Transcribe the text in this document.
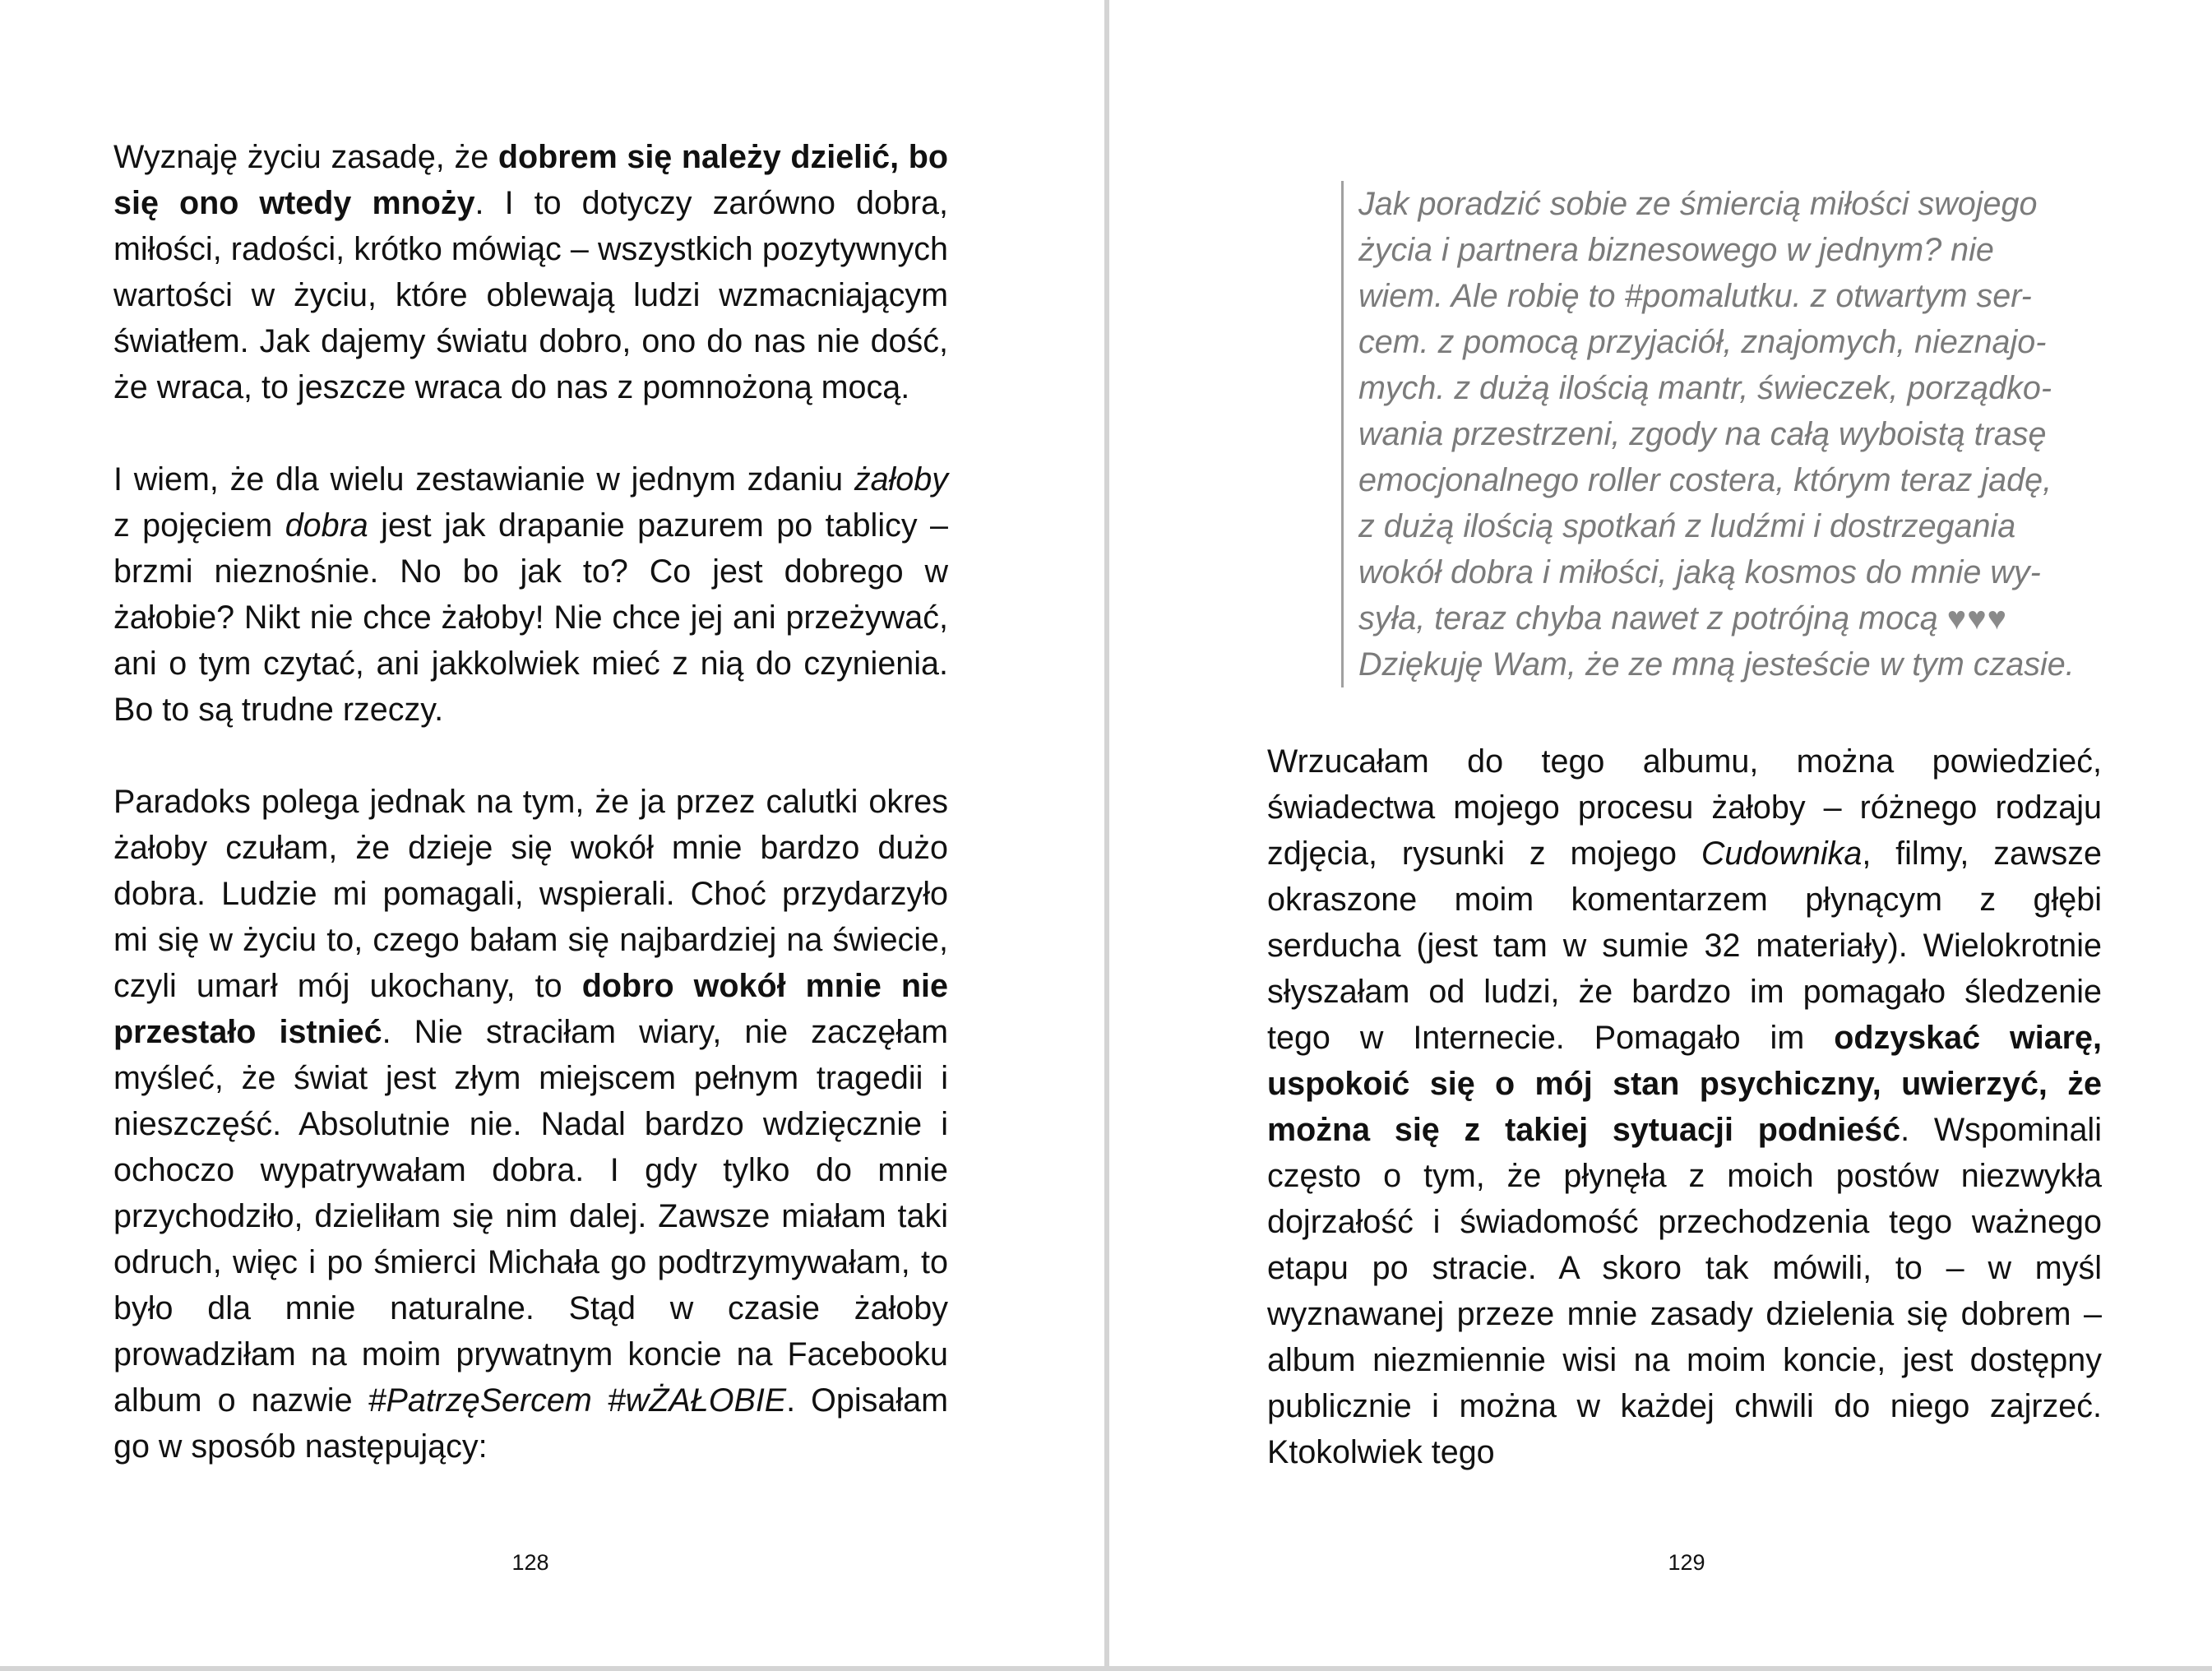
Wyznaję życiu zasadę, że dobrem się należy dzielić, bo się ono wtedy mnoży. I to dotyczy zarówno dobra, miłości, radości, krótko mówiąc – wszystkich pozytywnych wartości w życiu, które oblewają ludzi wzmacniającym światłem. Jak dajemy światu dobro, ono do nas nie dość, że wraca, to jeszcze wraca do nas z pomnożoną mocą.

I wiem, że dla wielu zestawianie w jednym zdaniu żałoby z pojęciem dobra jest jak drapanie pazurem po tablicy – brzmi nieznośnie. No bo jak to? Co jest dobrego w żałobie? Nikt nie chce żałoby! Nie chce jej ani przeżywać, ani o tym czytać, ani jakkolwiek mieć z nią do czynienia. Bo to są trudne rzeczy.

Paradoks polega jednak na tym, że ja przez calutki okres żałoby czułam, że dzieje się wokół mnie bardzo dużo dobra. Ludzie mi pomagali, wspierali. Choć przydarzyło mi się w życiu to, czego bałam się najbardziej na świecie, czyli umarł mój ukochany, to dobro wokół mnie nie przestało istnieć. Nie straciłam wiary, nie zaczęłam myśleć, że świat jest złym miejscem pełnym tragedii i nieszczęść. Absolutnie nie. Nadal bardzo wdzięcznie i ochoczo wypatrywałam dobra. I gdy tylko do mnie przychodziło, dzieliłam się nim dalej. Zawsze miałam taki odruch, więc i po śmierci Michała go podtrzymywałam, to było dla mnie naturalne. Stąd w czasie żałoby prowadziłam na moim prywatnym koncie na Facebooku album o nazwie #PatrzęSercem #wŻAŁOBIE. Opisałam go w sposób następujący:

128
Jak poradzić sobie ze śmiercią miłości swojego
życia i partnera biznesowego w jednym? nie
wiem. Ale robię to #pomalutku. z otwartym ser-
cem. z pomocą przyjaciół, znajomych, nieznajo-
mych. z dużą ilością mantr, świeczek, porządko-
wania przestrzeni, zgody na całą wyboistą trasę
emocjonalnego roller costera, którym teraz jadę,
z dużą ilością spotkań z ludźmi i dostrzegania
wokół dobra i miłości, jaką kosmos do mnie wy-
syła, teraz chyba nawet z potrójną mocą ♥♥♥
Dziękuję Wam, że ze mną jesteście w tym czasie.

Wrzucałam do tego albumu, można powiedzieć, świadectwa mojego procesu żałoby – różnego rodzaju zdjęcia, rysunki z mojego Cudownika, filmy, zawsze okraszone moim komentarzem płynącym z głębi serducha (jest tam w sumie 32 materiały). Wielokrotnie słyszałam od ludzi, że bardzo im pomagało śledzenie tego w Internecie. Pomagało im odzyskać wiarę, uspokoić się o mój stan psychiczny, uwierzyć, że można się z takiej sytuacji podnieść. Wspominali często o tym, że płynęła z moich postów niezwykła dojrzałość i świadomość przechodzenia tego ważnego etapu po stracie. A skoro tak mówili, to – w myśl wyznawanej przeze mnie zasady dzielenia się dobrem – album niezmiennie wisi na moim koncie, jest dostępny publicznie i można w każdej chwili do niego zajrzeć. Ktokolwiek tego

129
